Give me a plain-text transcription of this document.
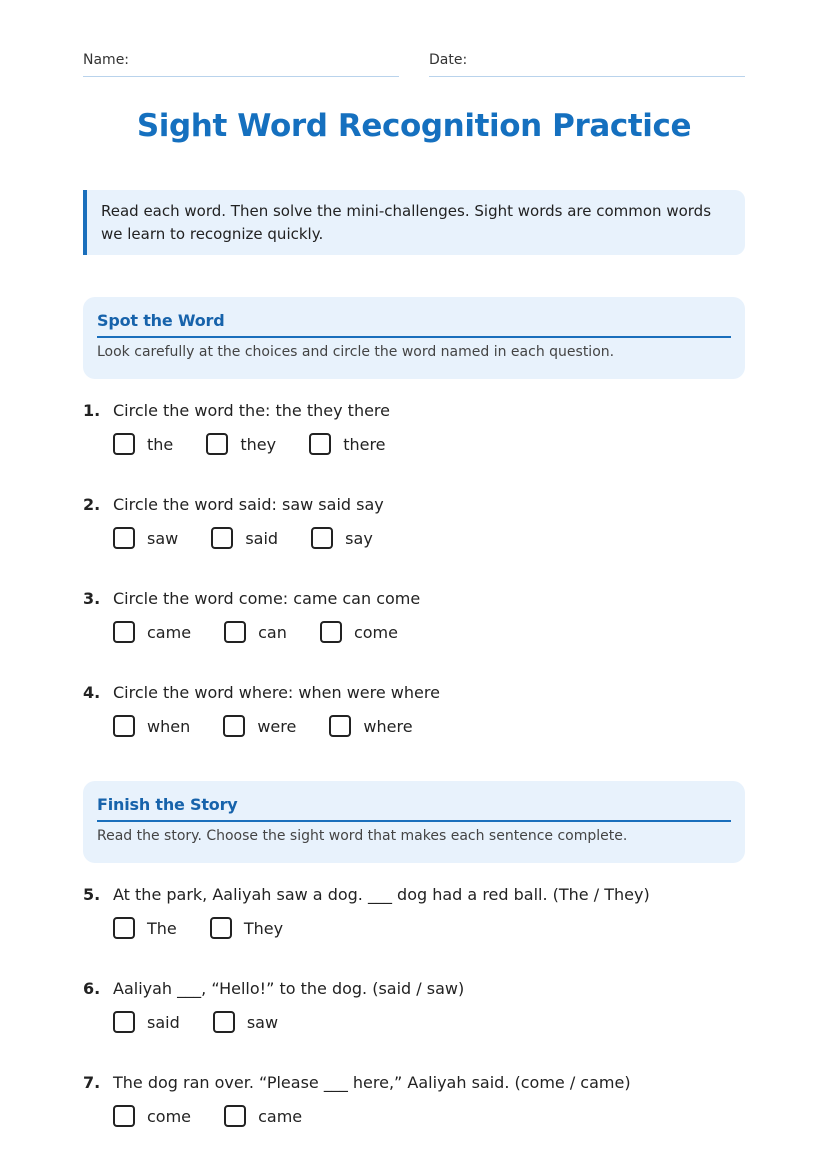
Name:	Date:
Sight Word Recognition Practice
Read each word. Then solve the mini-challenges. Sight words are common words we learn to recognize quickly.
Spot the Word
Look carefully at the choices and circle the word named in each question.
1. Circle the word the: the they there
the
	they
	there
2. Circle the word said: saw said say
saw
	said
	say
3. Circle the word come: came can come
came
	can
	come
4. Circle the word where: when were where
when
	were
	where
Finish the Story
Read the story. Choose the sight word that makes each sentence complete.
5. At the park, Aaliyah saw a dog. ___ dog had a red ball. (The / They)
The
	They
6. Aaliyah ___, “Hello!” to the dog. (said / saw)
said
	saw
7. The dog ran over. “Please ___ here,” Aaliyah said. (come / came)
come
	came
